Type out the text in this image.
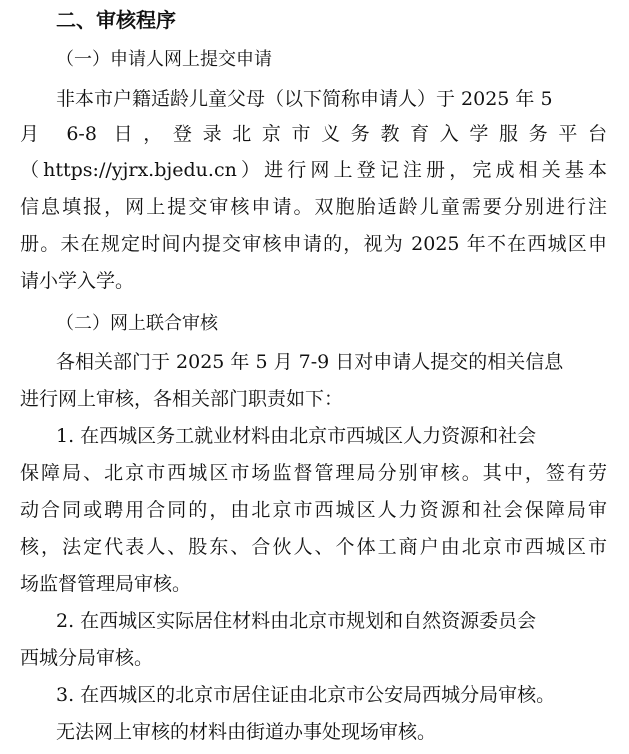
二、审核程序
（一）申请人网上提交申请
非本市户籍适龄儿童父母（以下简称申请人）于 2025 年 5
月 6-8 日，登录北京市义务教育入学服务平台
（https://yjrx.bjedu.cn）进行网上登记注册，完成相关基本
信息填报，网上提交审核申请。双胞胎适龄儿童需要分别进行注
册。未在规定时间内提交审核申请的，视为 2025 年不在西城区申
请小学入学。
（二）网上联合审核
各相关部门于 2025 年 5 月 7-9 日对申请人提交的相关信息
进行网上审核，各相关部门职责如下：
1. 在西城区务工就业材料由北京市西城区人力资源和社会
保障局、北京市西城区市场监督管理局分别审核。其中，签有劳
动合同或聘用合同的，由北京市西城区人力资源和社会保障局审
核，法定代表人、股东、合伙人、个体工商户由北京市西城区市
场监督管理局审核。
2. 在西城区实际居住材料由北京市规划和自然资源委员会
西城分局审核。
3. 在西城区的北京市居住证由北京市公安局西城分局审核。
无法网上审核的材料由街道办事处现场审核。
